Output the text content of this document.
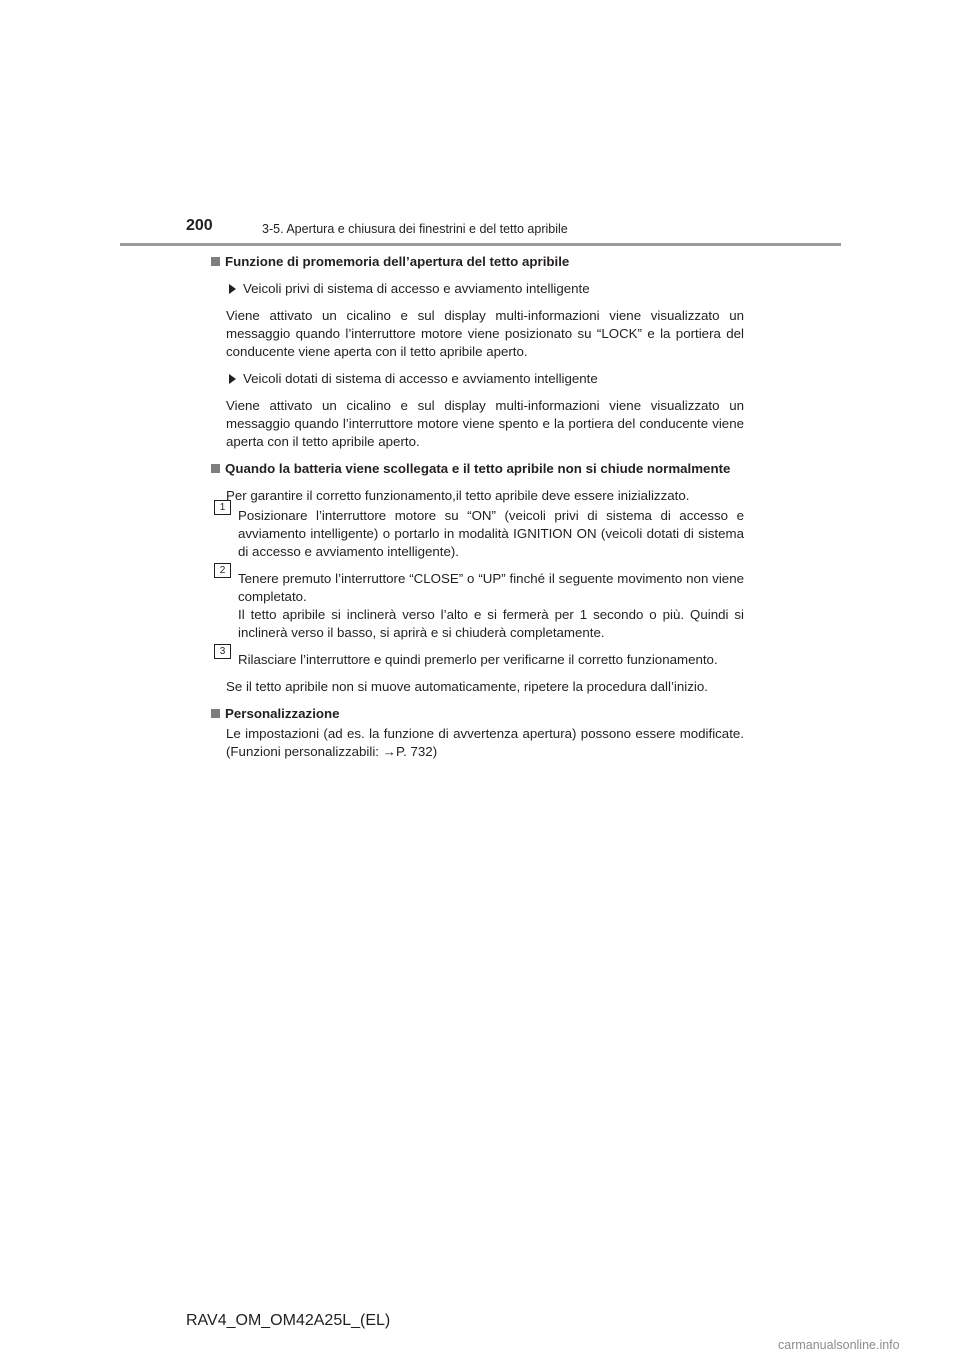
200	3-5. Apertura e chiusura dei finestrini e del tetto apribile
Funzione di promemoria dell’apertura del tetto apribile
Veicoli privi di sistema di accesso e avviamento intelligente
Viene attivato un cicalino e sul display multi-informazioni viene visualizzato un messaggio quando l’interruttore motore viene posizionato su “LOCK” e la portiera del conducente viene aperta con il tetto apribile aperto.
Veicoli dotati di sistema di accesso e avviamento intelligente
Viene attivato un cicalino e sul display multi-informazioni viene visualizzato un messaggio quando l’interruttore motore viene spento e la portiera del conducente viene aperta con il tetto apribile aperto.
Quando la batteria viene scollegata e il tetto apribile non si chiude normalmente
Per garantire il corretto funzionamento,il tetto apribile deve essere inizializzato.
1
Posizionare l’interruttore motore su “ON” (veicoli privi di sistema di accesso e avviamento intelligente) o portarlo in modalità IGNITION ON (veicoli dotati di sistema di accesso e avviamento intelligente).
2
Tenere premuto l’interruttore “CLOSE” o “UP” finché il seguente movimento non viene completato.
Il tetto apribile si inclinerà verso l’alto e si fermerà per 1 secondo o più. Quindi si inclinerà verso il basso, si aprirà e si chiuderà completamente.
3
Rilasciare l’interruttore e quindi premerlo per verificarne il corretto funzionamento.
Se il tetto apribile non si muove automaticamente, ripetere la procedura dall’inizio.
Personalizzazione
Le impostazioni (ad es. la funzione di avvertenza apertura) possono essere modificate. (Funzioni personalizzabili: →P. 732)
RAV4_OM_OM42A25L_(EL)
carmanualsonline.info
